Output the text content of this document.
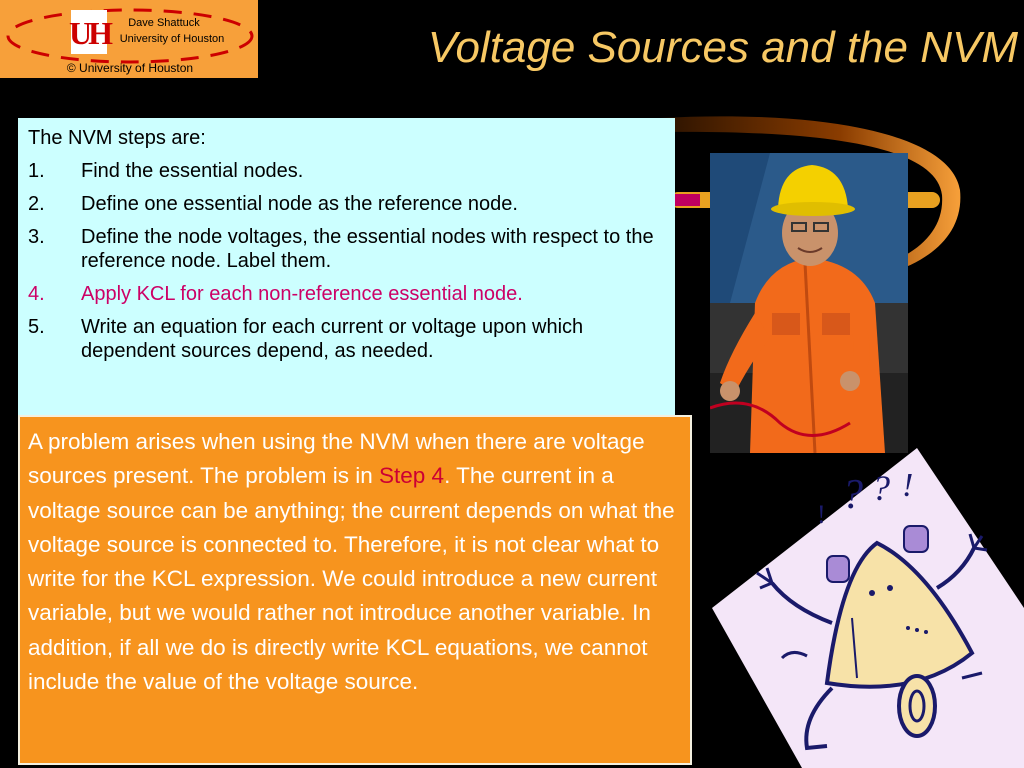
UH	Dave Shattuck
University of Houston
© University of Houston	Voltage Sources and the NVM
The NVM steps are:
1.	Find the essential nodes.
2.	Define one essential node as the reference node.
3.	Define the node voltages, the essential nodes with respect to the reference node. Label them.
4.	Apply KCL for each non-reference essential node.
5.	Write an equation for each current or voltage upon which dependent sources depend, as needed.
A problem arises when using the NVM when there are voltage sources present. The problem is in Step 4. The current in a voltage source can be anything; the current depends on what the voltage source is connected to. Therefore, it is not clear what to write for the KCL expression. We could introduce a new current variable, but we would rather not introduce another variable. In addition, if all we do is directly write KCL equations, we cannot include the value of the voltage source.
? ? !
!
